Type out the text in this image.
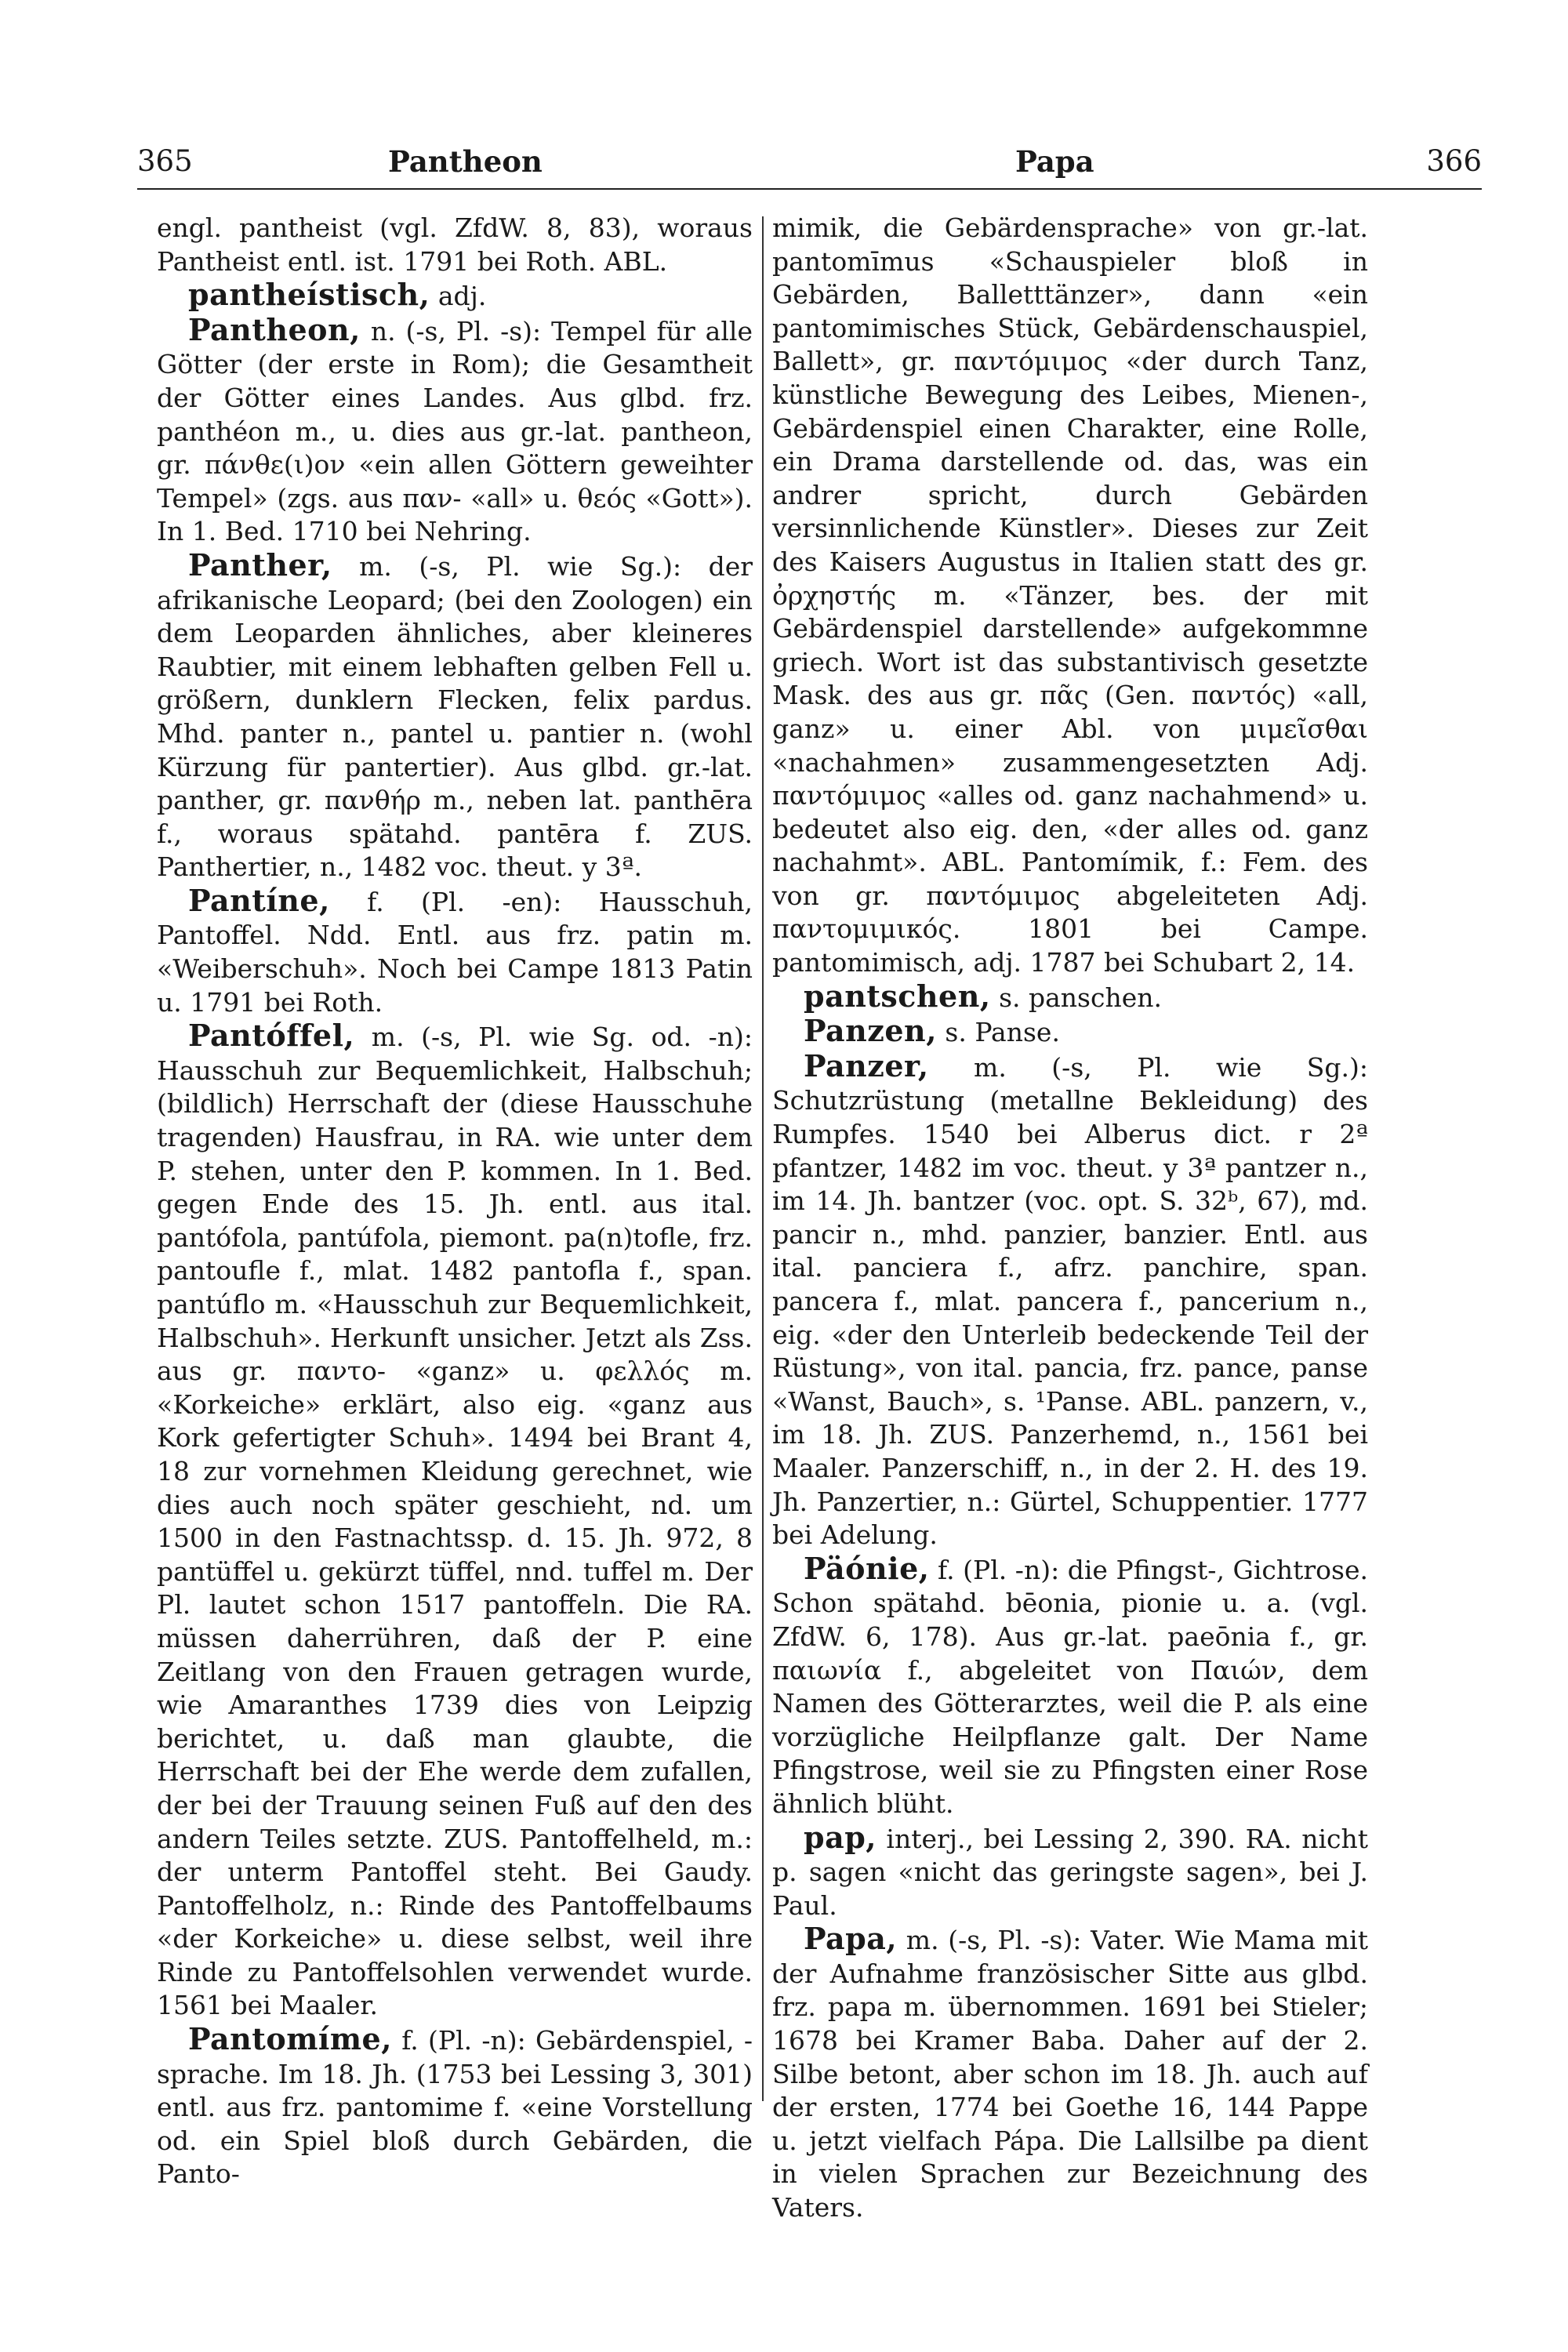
365	Pantheon	Papa	366

engl. pantheist (vgl. ZfdW. 8, 83), woraus Pantheist entl. ist. 1791 bei Roth. ABL.

pantheístisch, adj.

Pantheon, n. (-s, Pl. -s): Tempel für alle Götter (der erste in Rom); die Gesamtheit der Götter eines Landes. Aus glbd. frz. panthéon m., u. dies aus gr.-lat. pantheon, gr. πάνθε(ι)ον «ein allen Göttern geweihter Tempel» (zgs. aus παν- «all» u. θεός «Gott»). In 1. Bed. 1710 bei Nehring.

Panther, m. (-s, Pl. wie Sg.): der afrikanische Leopard; (bei den Zoologen) ein dem Leoparden ähnliches, aber kleineres Raubtier, mit einem lebhaften gelben Fell u. größern, dunklern Flecken, felix pardus. Mhd. panter n., pantel u. pantier n. (wohl Kürzung für pantertier). Aus glbd. gr.-lat. panther, gr. πανθήρ m., neben lat. panthēra f., woraus spätahd. pantēra f. ZUS. Panthertier, n., 1482 voc. theut. y 3ª.

Pantíne, f. (Pl. -en): Hausschuh, Pantoffel. Ndd. Entl. aus frz. patin m. «Weiberschuh». Noch bei Campe 1813 Patin u. 1791 bei Roth.

Pantóffel, m. (-s, Pl. wie Sg. od. -n): Hausschuh zur Bequemlichkeit, Halbschuh; (bildlich) Herrschaft der (diese Hausschuhe tragenden) Hausfrau, in RA. wie unter dem P. stehen, unter den P. kommen. In 1. Bed. gegen Ende des 15. Jh. entl. aus ital. pantófola, pantúfola, piemont. pa(n)tofle, frz. pantoufle f., mlat. 1482 pantofla f., span. pantúflo m. «Hausschuh zur Bequemlichkeit, Halbschuh». Herkunft unsicher. Jetzt als Zss. aus gr. παντο- «ganz» u. φελλός m. «Korkeiche» erklärt, also eig. «ganz aus Kork gefertigter Schuh». 1494 bei Brant 4, 18 zur vornehmen Kleidung gerechnet, wie dies auch noch später geschieht, nd. um 1500 in den Fastnachtssp. d. 15. Jh. 972, 8 pantüffel u. gekürzt tüffel, nnd. tuffel m. Der Pl. lautet schon 1517 pantoffeln. Die RA. müssen daherrühren, daß der P. eine Zeitlang von den Frauen getragen wurde, wie Amaranthes 1739 dies von Leipzig berichtet, u. daß man glaubte, die Herrschaft bei der Ehe werde dem zufallen, der bei der Trauung seinen Fuß auf den des andern Teiles setzte. ZUS. Pantoffelheld, m.: der unterm Pantoffel steht. Bei Gaudy. Pantoffelholz, n.: Rinde des Pantoffelbaums «der Korkeiche» u. diese selbst, weil ihre Rinde zu Pantoffelsohlen verwendet wurde. 1561 bei Maaler.

Pantomíme, f. (Pl. -n): Gebärdenspiel, -sprache. Im 18. Jh. (1753 bei Lessing 3, 301) entl. aus frz. pantomime f. «eine Vorstellung od. ein Spiel bloß durch Gebärden, die Panto-

mimik, die Gebärdensprache» von gr.-lat. pantomīmus «Schauspieler bloß in Gebärden, Balletttänzer», dann «ein pantomimisches Stück, Gebärdenschauspiel, Ballett», gr. παντόμιμος «der durch Tanz, künstliche Bewegung des Leibes, Mienen-, Gebärdenspiel einen Charakter, eine Rolle, ein Drama darstellende od. das, was ein andrer spricht, durch Gebärden versinnlichende Künstler». Dieses zur Zeit des Kaisers Augustus in Italien statt des gr. ὀρχηστής m. «Tänzer, bes. der mit Gebärdenspiel darstellende» aufgekommne griech. Wort ist das substantivisch gesetzte Mask. des aus gr. πᾶς (Gen. παντός) «all, ganz» u. einer Abl. von μιμεῖσθαι «nachahmen» zusammengesetzten Adj. παντόμιμος «alles od. ganz nachahmend» u. bedeutet also eig. den, «der alles od. ganz nachahmt». ABL. Pantomímik, f.: Fem. des von gr. παντόμιμος abgeleiteten Adj. παντομιμικός. 1801 bei Campe. pantomimisch, adj. 1787 bei Schubart 2, 14.

pantschen, s. panschen.

Panzen, s. Panse.

Panzer, m. (-s, Pl. wie Sg.): Schutzrüstung (metallne Bekleidung) des Rumpfes. 1540 bei Alberus dict. r 2ª pfantzer, 1482 im voc. theut. y 3ª pantzer n., im 14. Jh. bantzer (voc. opt. S. 32ᵇ, 67), md. pancir n., mhd. panzier, banzier. Entl. aus ital. panciera f., afrz. panchire, span. pancera f., mlat. pancera f., pancerium n., eig. «der den Unterleib bedeckende Teil der Rüstung», von ital. pancia, frz. pance, panse «Wanst, Bauch», s. ¹Panse. ABL. panzern, v., im 18. Jh. ZUS. Panzerhemd, n., 1561 bei Maaler. Panzerschiff, n., in der 2. H. des 19. Jh. Panzertier, n.: Gürtel, Schuppentier. 1777 bei Adelung.

Päónie, f. (Pl. -n): die Pfingst-, Gichtrose. Schon spätahd. bēonia, pionie u. a. (vgl. ZfdW. 6, 178). Aus gr.-lat. paeōnia f., gr. παιωνία f., abgeleitet von Παιών, dem Namen des Götterarztes, weil die P. als eine vorzügliche Heilpflanze galt. Der Name Pfingstrose, weil sie zu Pfingsten einer Rose ähnlich blüht.

pap, interj., bei Lessing 2, 390. RA. nicht p. sagen «nicht das geringste sagen», bei J. Paul.

Papa, m. (-s, Pl. -s): Vater. Wie Mama mit der Aufnahme französischer Sitte aus glbd. frz. papa m. übernommen. 1691 bei Stieler; 1678 bei Kramer Baba. Daher auf der 2. Silbe betont, aber schon im 18. Jh. auch auf der ersten, 1774 bei Goethe 16, 144 Pappe u. jetzt vielfach Pápa. Die Lallsilbe pa dient in vielen Sprachen zur Bezeichnung des Vaters.
